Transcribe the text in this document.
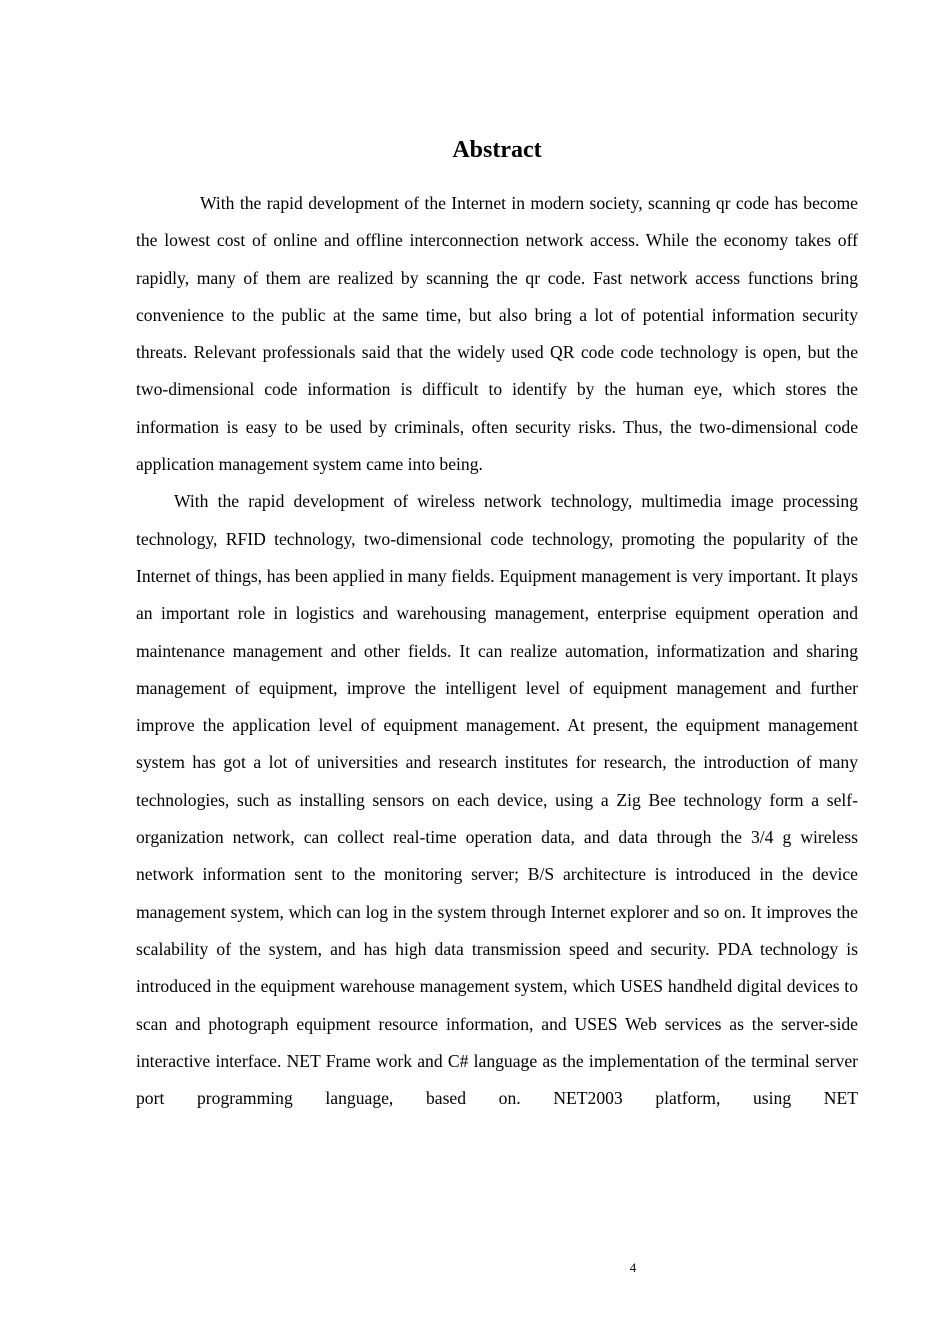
Abstract

With the rapid development of the Internet in modern society, scanning qr code has become the lowest cost of online and offline interconnection network access. While the economy takes off rapidly, many of them are realized by scanning the qr code. Fast network access functions bring convenience to the public at the same time, but also bring a lot of potential information security threats. Relevant professionals said that the widely used QR code code technology is open, but the two-dimensional code information is difficult to identify by the human eye, which stores the information is easy to be used by criminals, often security risks. Thus, the two-dimensional code application management system came into being.

With the rapid development of wireless network technology, multimedia image processing technology, RFID technology, two-dimensional code technology, promoting the popularity of the Internet of things, has been applied in many fields. Equipment management is very important. It plays an important role in logistics and warehousing management, enterprise equipment operation and maintenance management and other fields. It can realize automation, informatization and sharing management of equipment, improve the intelligent level of equipment management and further improve the application level of equipment management. At present, the equipment management system has got a lot of universities and research institutes for research, the introduction of many technologies, such as installing sensors on each device, using a Zig Bee technology form a self-organization network, can collect real-time operation data, and data through the 3/4 g wireless network information sent to the monitoring server; B/S architecture is introduced in the device management system, which can log in the system through Internet explorer and so on. It improves the scalability of the system, and has high data transmission speed and security. PDA technology is introduced in the equipment warehouse management system, which USES handheld digital devices to scan and photograph equipment resource information, and USES Web services as the server-side interactive interface. NET Frame work and C# language as the implementation of the terminal server port programming language, based on. NET2003 platform, using NET

4
